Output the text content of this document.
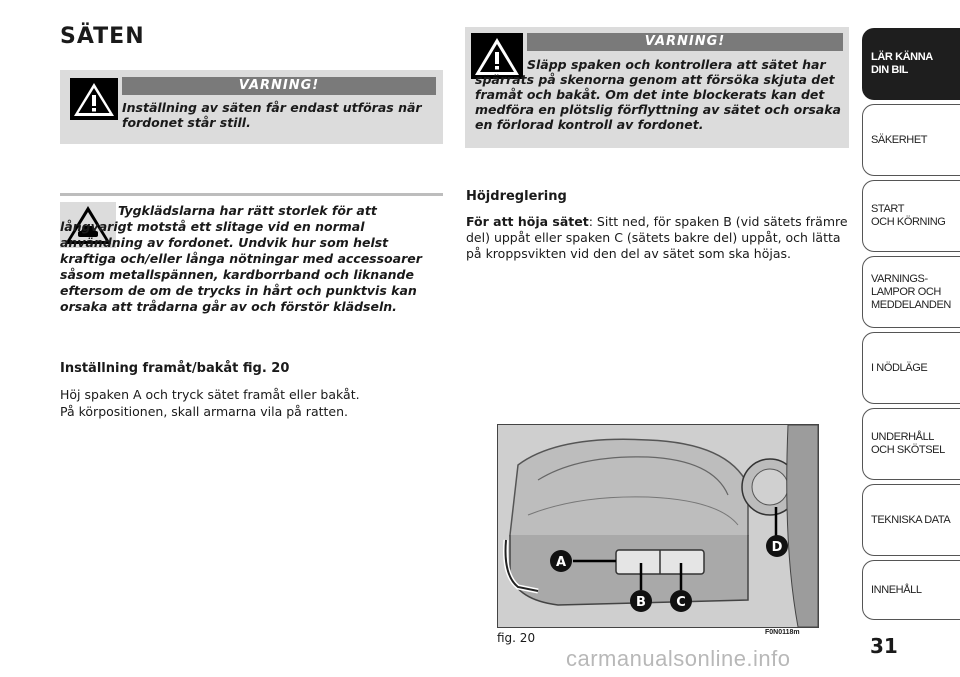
SÄTEN
VARNING!

Inställning av säten får endast utföras när fordonet står still.

Tygklädslarna har rätt storlek för att långvarigt motstå ett slitage vid en normal användning av fordonet. Undvik hur som helst kraftiga och/eller långa nötningar med accessoarer såsom metallspännen, kardborrband och liknande eftersom de om de trycks in hårt och punktvis kan orsaka att trådarna går av och förstör klädseln.

Inställning framåt/bakåt fig. 20

Höj spaken A och tryck sätet framåt eller bakåt.

På körpositionen, skall armarna vila på ratten.

VARNING!

Släpp spaken och kontrollera att sätet har spärrats på skenorna genom att försöka skjuta det framåt och bakåt. Om det inte blockerats kan det medföra en plötslig förflyttning av sätet och orsaka en förlorad kontroll av fordonet.

Höjdreglering

För att höja sätet: Sitt ned, för spaken B (vid sätets främre del) uppåt eller spaken C (sätets bakre del) uppåt, och lätta på kroppsvikten vid den del av sätet som ska höjas.

A
B C
D
fig. 20	F0N0118m
LÄR KÄNNA
DIN BIL
SÄKERHET
START
OCH KÖRNING
VARNINGS-
LAMPOR OCH
MEDDELANDEN
I NÖDLÄGE
UNDERHÅLL
OCH SKÖTSEL
TEKNISKA DATA
INNEHÅLL

31

carmanualsonline.info
